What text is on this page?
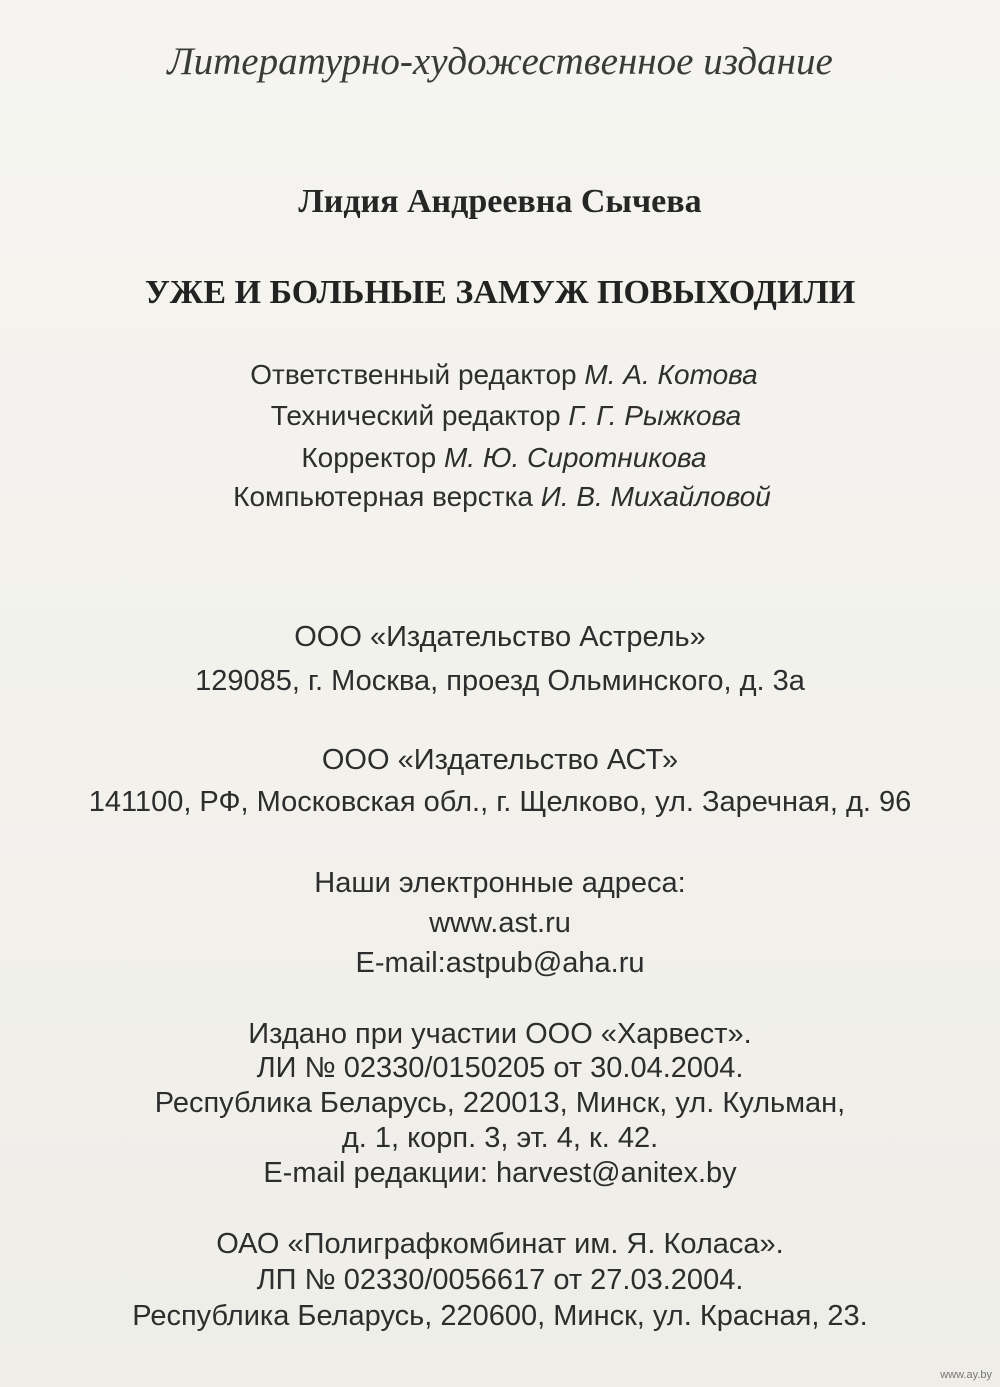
Литературно-художественное издание
Лидия Андреевна Сычева
УЖЕ И БОЛЬНЫЕ ЗАМУЖ ПОВЫХОДИЛИ
Ответственный редактор М. А. Котова
Технический редактор Г. Г. Рыжкова
Корректор М. Ю. Сиротникова
Компьютерная верстка И. В. Михайловой
ООО «Издательство Астрель»
129085, г. Москва, проезд Ольминского, д. 3а
ООО «Издательство АСТ»
141100, РФ, Московская обл., г. Щелково, ул. Заречная, д. 96
Наши электронные адреса:
www.ast.ru
E-mail:astpub@aha.ru
Издано при участии ООО «Харвест».
ЛИ № 02330/0150205 от 30.04.2004.
Республика Беларусь, 220013, Минск, ул. Кульман,
д. 1, корп. 3, эт. 4, к. 42.
E-mail редакции: harvest@anitex.by
ОАО «Полиграфкомбинат им. Я. Коласа».
ЛП № 02330/0056617 от 27.03.2004.
Республика Беларусь, 220600, Минск, ул. Красная, 23.
www.ay.by
